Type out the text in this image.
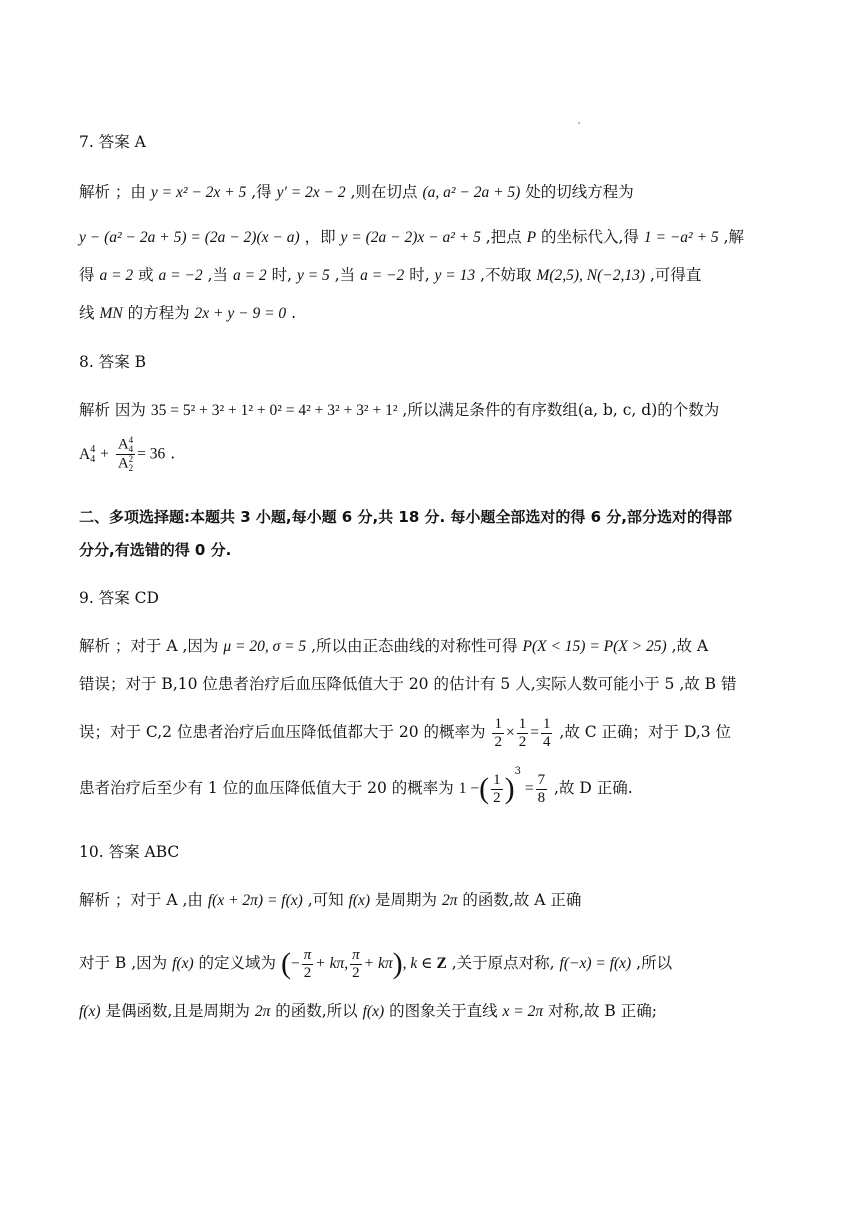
7. 答案 A
解析 ；由 y = x² − 2x + 5 ,得 y′ = 2x − 2 ,则在切点 (a, a² − 2a + 5) 处的切线方程为
y − (a² − 2a + 5) = (2a − 2)(x − a) ，即 y = (2a − 2)x − a² + 5 ,把点 P 的坐标代入,得 1 = −a² + 5 ,解
得 a = 2 或 a = −2 ,当 a = 2 时, y = 5 ,当 a = −2 时, y = 13 ,不妨取 M(2,5), N(−2,13) ,可得直
线 MN 的方程为 2x + y − 9 = 0 .
8. 答案 B
解析 因为 35 = 5² + 3² + 1² + 0² = 4² + 3² + 3² + 1² ,所以满足条件的有序数组(a, b, c, d)的个数为
A 4
4 + A 4
4
A 2
2 = 36 .
二、多项选择题:本题共 3 小题,每小题 6 分,共 18 分. 每小题全部选对的得 6 分,部分选对的得部
分分,有选错的得 0 分.
9. 答案 CD
解析 ；对于 A ,因为 μ = 20, σ = 5 ,所以由正态曲线的对称性可得 P(X < 15) = P(X > 25) ,故 A
错误；对于 B,10 位患者治疗后血压降低值大于 20 的估计有 5 人,实际人数可能小于 5 ,故 B 错
误；对于 C,2 位患者治疗后血压降低值都大于 20 的概率为 $\frac{1}{2} \times \frac{1}{2} = \frac{1}{4}$ ,故 C 正确；对于 D,3 位
患者治疗后至少有 1 位的血压降低值大于 20 的概率为 1 −( $\frac{1}{2} )^3 = \frac{7}{8}$ ,故 D 正确.
10. 答案 ABC
解析 ；对于 A ,由 f(x + 2π) = f(x) ,可知 f(x) 是周期为 2π 的函数,故 A 正确
对于 B ,因为 f(x) 的定义域为 (− $\frac{\pi}{2} + k\pi$, $\frac{\pi}{2} + k\pi$), k ∈ Z ,关于原点对称, f(−x) = f(x) ,所以
f(x) 是偶函数,且是周期为 2π 的函数,所以 f(x) 的图象关于直线 x = 2π 对称,故 B 正确;
